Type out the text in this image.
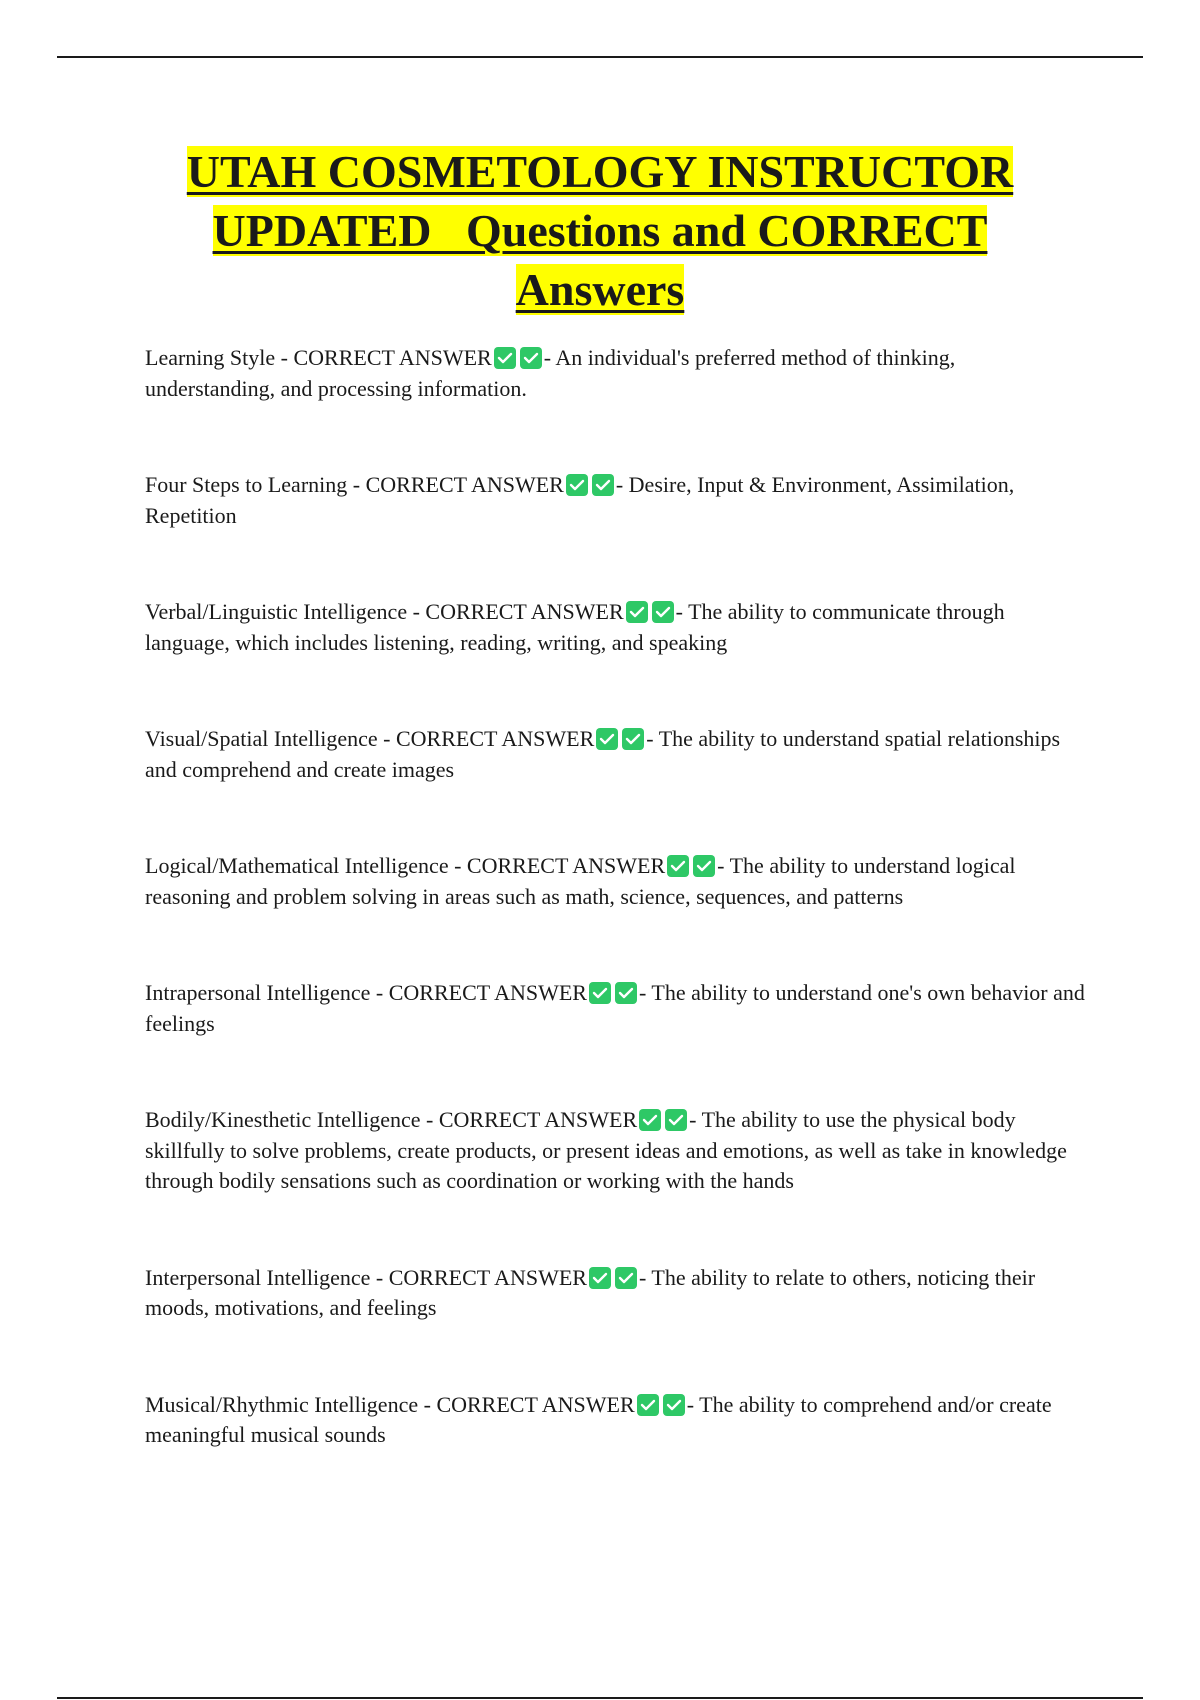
UTAH COSMETOLOGY INSTRUCTOR
UPDATED   Questions and CORRECT
Answers

Learning Style - CORRECT ANSWER - An individual's preferred method of thinking, understanding, and processing information.

Four Steps to Learning - CORRECT ANSWER - Desire, Input & Environment, Assimilation, Repetition

Verbal/Linguistic Intelligence - CORRECT ANSWER - The ability to communicate through language, which includes listening, reading, writing, and speaking

Visual/Spatial Intelligence - CORRECT ANSWER - The ability to understand spatial relationships and comprehend and create images

Logical/Mathematical Intelligence - CORRECT ANSWER - The ability to understand logical reasoning and problem solving in areas such as math, science, sequences, and patterns

Intrapersonal Intelligence - CORRECT ANSWER - The ability to understand one's own behavior and feelings

Bodily/Kinesthetic Intelligence - CORRECT ANSWER - The ability to use the physical body skillfully to solve problems, create products, or present ideas and emotions, as well as take in knowledge through bodily sensations such as coordination or working with the hands

Interpersonal Intelligence - CORRECT ANSWER - The ability to relate to others, noticing their moods, motivations, and feelings

Musical/Rhythmic Intelligence - CORRECT ANSWER - The ability to comprehend and/or create meaningful musical sounds
